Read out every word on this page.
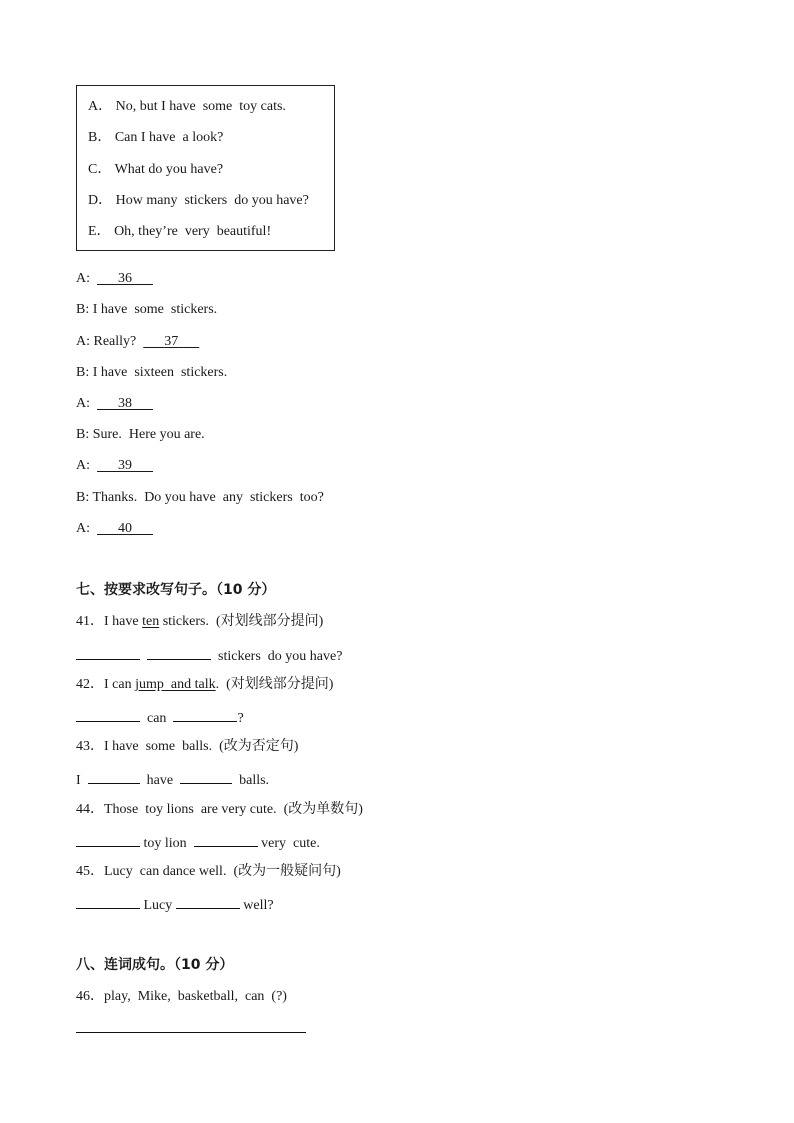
A． No, but I have  some  toy cats.
B． Can I have  a look?
C． What do you have?
D． How many  stickers  do you have?
E． Oh, they’re  very  beautiful!
A: 36
B: I have  some  stickers.
A: Really? 37
B: I have  sixteen  stickers.
A: 38
B: Sure.  Here you are.
A: 39
B: Thanks.  Do you have  any  stickers  too?
A: 40
七、按要求改写句子。（10 分）
41．I have ten stickers.  (对划线部分提问)
stickers  do you have?
42．I can jump  and talk.  (对划线部分提问)
can	?
43．I have  some  balls.  (改为否定句)
I	have	balls.
44．Those  toy lions  are very cute.  (改为单数句)
toy lion	very  cute.
45．Lucy  can dance well.  (改为一般疑问句)
Lucy	well?
八、连词成句。（10 分）
46．play,  Mike,  basketball,  can  (?)
